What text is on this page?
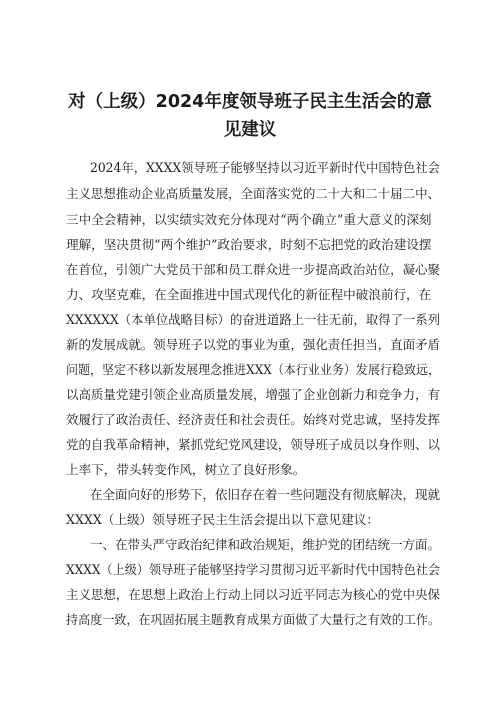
对（上级）2024年度领导班子民主生活会的意
见建议

2024年，XXXX领导班子能够坚持以习近平新时代中国特色社会

主义思想推动企业高质量发展，全面落实党的二十大和二十届二中、

三中全会精神，以实绩实效充分体现对“两个确立”重大意义的深刻

理解，坚决贯彻“两个维护”政治要求，时刻不忘把党的政治建设摆

在首位，引领广大党员干部和员工群众进一步提高政治站位，凝心聚

力、攻坚克难，在全面推进中国式现代化的新征程中破浪前行，在

XXXXXX（本单位战略目标）的奋进道路上一往无前，取得了一系列

新的发展成就。领导班子以党的事业为重，强化责任担当，直面矛盾

问题，坚定不移以新发展理念推进XXX（本行业业务）发展行稳致远，

以高质量党建引领企业高质量发展，增强了企业创新力和竞争力，有

效履行了政治责任、经济责任和社会责任。始终对党忠诚，坚持发挥

党的自我革命精神，紧抓党纪党风建设，领导班子成员以身作则、以

上率下，带头转变作风，树立了良好形象。

在全面向好的形势下，依旧存在着一些问题没有彻底解决，现就

XXXX（上级）领导班子民主生活会提出以下意见建议：

一、在带头严守政治纪律和政治规矩，维护党的团结统一方面。

XXXX（上级）领导班子能够坚持学习贯彻习近平新时代中国特色社会

主义思想，在思想上政治上行动上同以习近平同志为核心的党中央保

持高度一致，在巩固拓展主题教育成果方面做了大量行之有效的工作。
